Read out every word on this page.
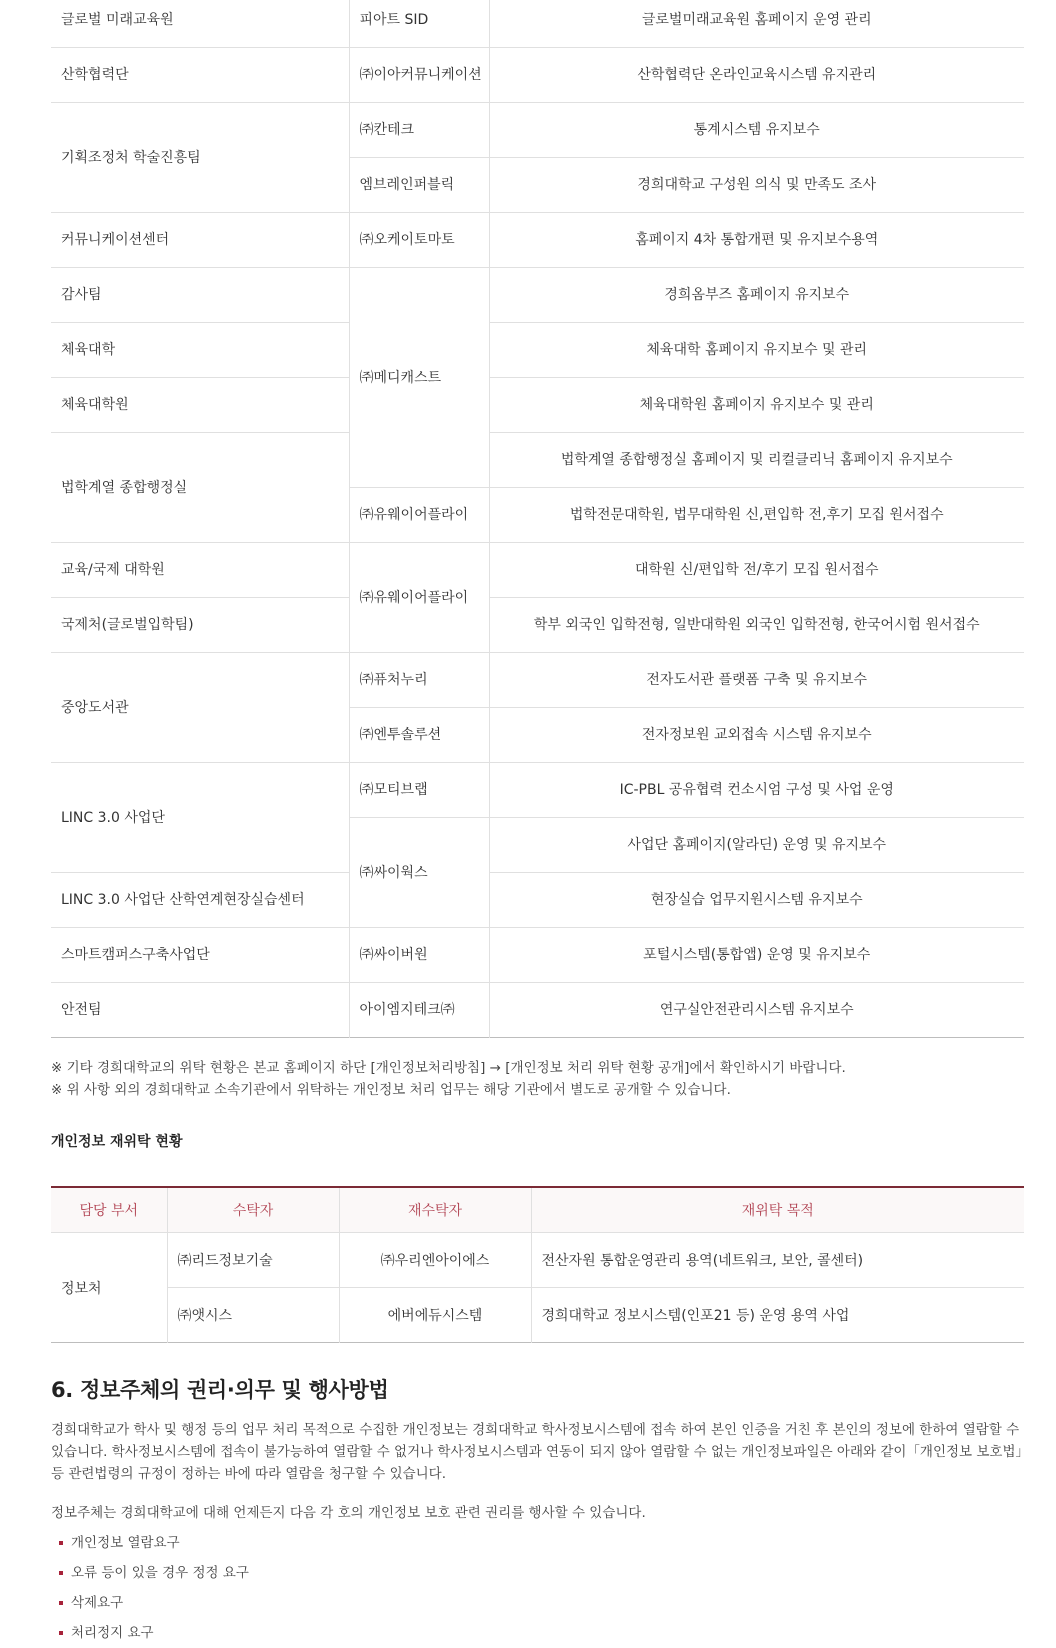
글로벌 미래교육원	피아트 SID	글로벌미래교육원 홈페이지 운영 관리
산학협력단	㈜이아커뮤니케이션	산학협력단 온라인교육시스템 유지관리
기획조정처 학술진흥팀	㈜칸테크	통계시스템 유지보수
	엠브레인퍼블릭	경희대학교 구성원 의식 및 만족도 조사
커뮤니케이션센터	㈜오케이토마토	홈페이지 4차 통합개편 및 유지보수용역
감사팀	㈜메디캐스트	경희옴부즈 홈페이지 유지보수
체육대학		체육대학 홈페이지 유지보수 및 관리
체육대학원		체육대학원 홈페이지 유지보수 및 관리
법학계열 종합행정실		법학계열 종합행정실 홈페이지 및 리컬클리닉 홈페이지 유지보수
	㈜유웨이어플라이	법학전문대학원, 법무대학원 신,편입학 전,후기 모집 원서접수
교육/국제 대학원	㈜유웨이어플라이	대학원 신/편입학 전/후기 모집 원서접수
국제처(글로벌입학팀)		학부 외국인 입학전형, 일반대학원 외국인 입학전형, 한국어시험 원서접수
중앙도서관	㈜퓨처누리	전자도서관 플랫폼 구축 및 유지보수
	㈜엔투솔루션	전자정보원 교외접속 시스템 유지보수
LINC 3.0 사업단	㈜모티브랩	IC-PBL 공유협력 컨소시엄 구성 및 사업 운영
	㈜싸이웍스	사업단 홈페이지(알라딘) 운영 및 유지보수
LINC 3.0 사업단 산학연계현장실습센터		현장실습 업무지원시스템 유지보수
스마트캠퍼스구축사업단	㈜싸이버원	포털시스템(통합앱) 운영 및 유지보수
안전팀	아이엠지테크㈜	연구실안전관리시스템 유지보수
※ 기타 경희대학교의 위탁 현황은 본교 홈페이지 하단 [개인정보처리방침] → [개인정보 처리 위탁 현황 공개]에서 확인하시기 바랍니다.
※ 위 사항 외의 경희대학교 소속기관에서 위탁하는 개인정보 처리 업무는 해당 기관에서 별도로 공개할 수 있습니다.
개인정보 재위탁 현황
담당 부서	수탁자	재수탁자	재위탁 목적
정보처	㈜리드정보기술	㈜우리엔아이에스	전산자원 통합운영관리 용역(네트워크, 보안, 콜센터)
	㈜앳시스	에버에듀시스템	경희대학교 정보시스템(인포21 등) 운영 용역 사업
6. 정보주체의 권리·의무 및 행사방법

경희대학교가 학사 및 행정 등의 업무 처리 목적으로 수집한 개인정보는 경희대학교 학사정보시스템에 접속 하여 본인 인증을 거친 후 본인의 정보에 한하여 열람할 수 있습니다. 학사정보시스템에 접속이 불가능하여 열람할 수 없거나 학사정보시스템과 연동이 되지 않아 열람할 수 없는 개인정보파일은 아래와 같이「개인정보 보호법」등 관련법령의 규정이 정하는 바에 따라 열람을 청구할 수 있습니다.

정보주체는 경희대학교에 대해 언제든지 다음 각 호의 개인정보 보호 관련 권리를 행사할 수 있습니다.

개인정보 열람요구
오류 등이 있을 경우 정정 요구
삭제요구
처리정지 요구
